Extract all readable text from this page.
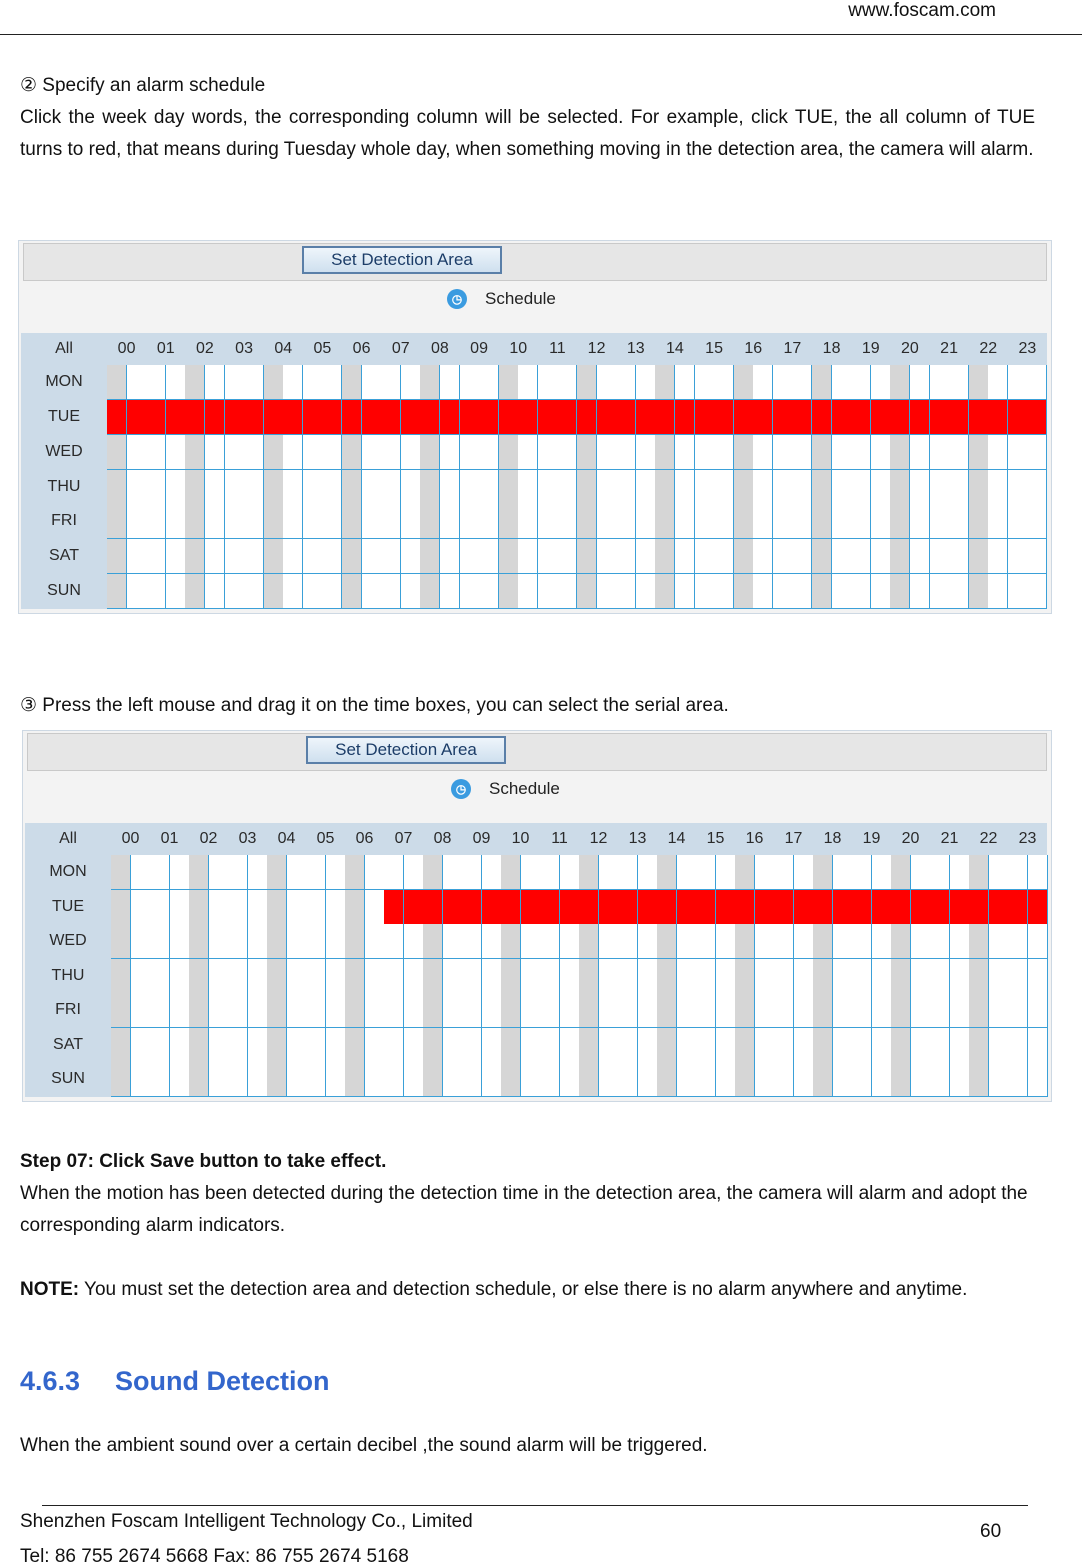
www.foscam.com
② Specify an alarm schedule
Click the week day words, the corresponding column will be selected. For example, click TUE, the all column of TUE turns to red, that means during Tuesday whole day, when something moving in the detection area, the camera will alarm.
Set Detection Area
◷ Schedule
All	00	01	02	03	04	05	06	07	08	09	10	11	12	13	14	15	16	17	18	19	20	21	22	23
MON
TUE
WED
THU
FRI
SAT
SUN
③ Press the left mouse and drag it on the time boxes, you can select the serial area.
Set Detection Area
◷ Schedule
All	00	01	02	03	04	05	06	07	08	09	10	11	12	13	14	15	16	17	18	19	20	21	22	23
MON
TUE
WED
THU
FRI
SAT
SUN
Step 07: Click Save button to take effect.
When the motion has been detected during the detection time in the detection area, the camera will alarm and adopt the corresponding alarm indicators.
NOTE: You must set the detection area and detection schedule, or else there is no alarm anywhere and anytime.
4.6.3 Sound Detection
When the ambient sound over a certain decibel ,the sound alarm will be triggered.
Shenzhen Foscam Intelligent Technology Co., Limited
Tel: 86 755 2674 5668 Fax: 86 755 2674 5168
60
